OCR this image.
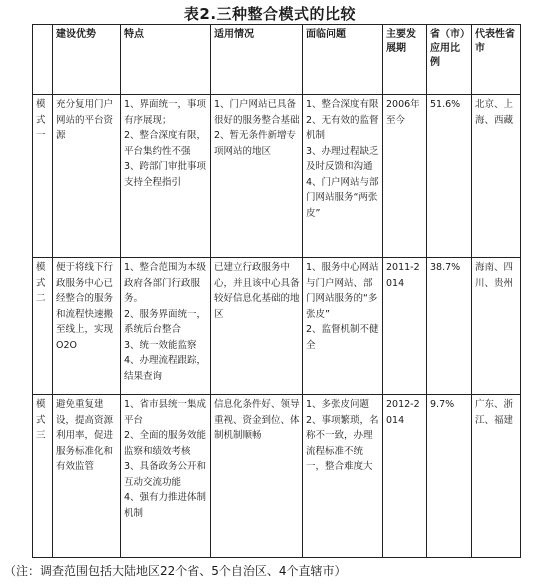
表2.三种整合模式的比较
	建设优势	特点	适用情况	面临问题	主要发展期	省（市）应用比例	代表性省市
模式一	充分复用门户网站的平台资源	1、界面统一，事项有序展现；
2、整合深度有限，平台集约性不强
3、跨部门审批事项支持全程指引	1、门户网站已具备很好的服务整合基础
2、暂无条件新增专项网站的地区	1、整合深度有限
2、无有效的监督机制
3、办理过程缺乏及时反馈和沟通
4、门户网站与部门网站服务“两张皮”	2006年至今	51.6%	北京、上海、西藏
模式二	便于将线下行政服务中心已经整合的服务和流程快速搬至线上，实现O2O	1、整合范围为本级政府各部门行政服务。
2、服务界面统一，系统后台整合
3、统一效能监察
4、办理流程跟踪，结果查询	已建立行政服务中心，并且该中心具备较好信息化基础的地区	1、服务中心网站与门户网站、部门网站服务的“多张皮”
2、监督机制不健全	2011-2014	38.7%	海南、四川、贵州
模式三	避免重复建设，提高资源利用率，促进服务标准化和有效监管	1、省市县统一集成平台
2、全面的服务效能监察和绩效考核
3、具备政务公开和互动交流功能
4、强有力推进体制机制	信息化条件好、领导重视、资金到位、体制机制顺畅	1、多张皮问题
2、事项繁琐，名称不一致，办理流程标准不统一，整合难度大	2012-2014	9.7%	广东、浙江、福建
（注：调查范围包括大陆地区22个省、5个自治区、4个直辖市）
